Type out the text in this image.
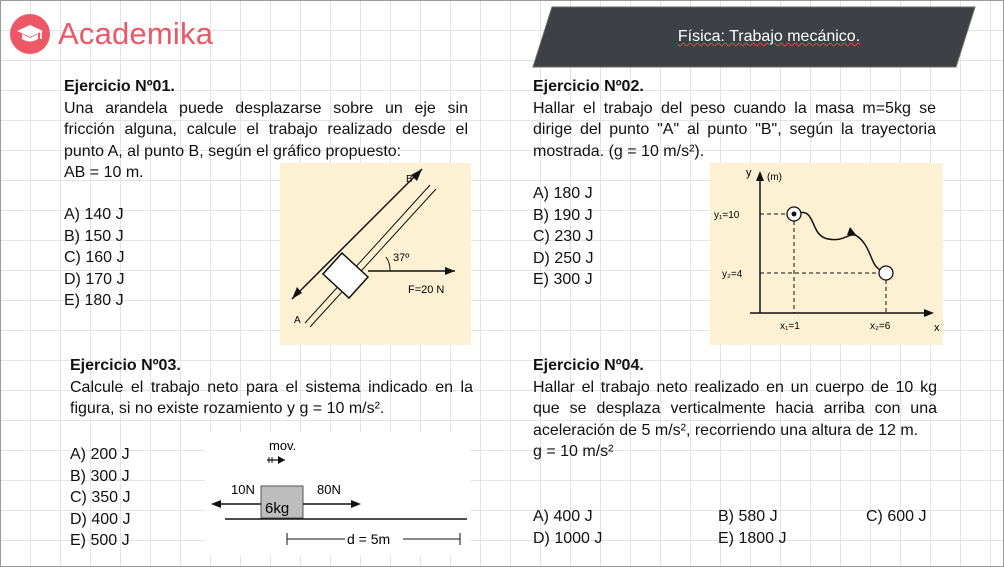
Academika	Física: Trabajo mecánico.
Ejercicio Nº01.

Una arandela puede desplazarse sobre un eje sin fricción alguna, calcule el trabajo realizado desde el punto A, al punto B, según el gráfico propuesto:

AB = 10 m.

A) 140 J
B) 150 J
C) 160 J
D) 170 J
E) 180 J
B
A
37º
F=20 N
Ejercicio Nº02.

Hallar el trabajo del peso cuando la masa m=5kg se dirige del punto "A" al punto "B", según la trayectoria mostrada. (g = 10 m/s²).

A) 180 J
B) 190 J
C) 230 J
D) 250 J
E) 300 J
y (m)
x
y₁=10
y₂=4
x₁=1	x₂=6
Ejercicio Nº03.

Calcule el trabajo neto para el sistema indicado en la figura, si no existe rozamiento y g = 10 m/s².

A) 200 J
B) 300 J
C) 350 J
D) 400 J
E) 500 J
mov.
6kg
10N	80N
d = 5m
Ejercicio Nº04.

Hallar el trabajo neto realizado en un cuerpo de 10 kg que se desplaza verticalmente hacia arriba con una aceleración de 5 m/s², recorriendo una altura de 12 m.

g = 10 m/s²

A) 400 J	B) 580 J	C) 600 J
D) 1000 J	E) 1800 J
